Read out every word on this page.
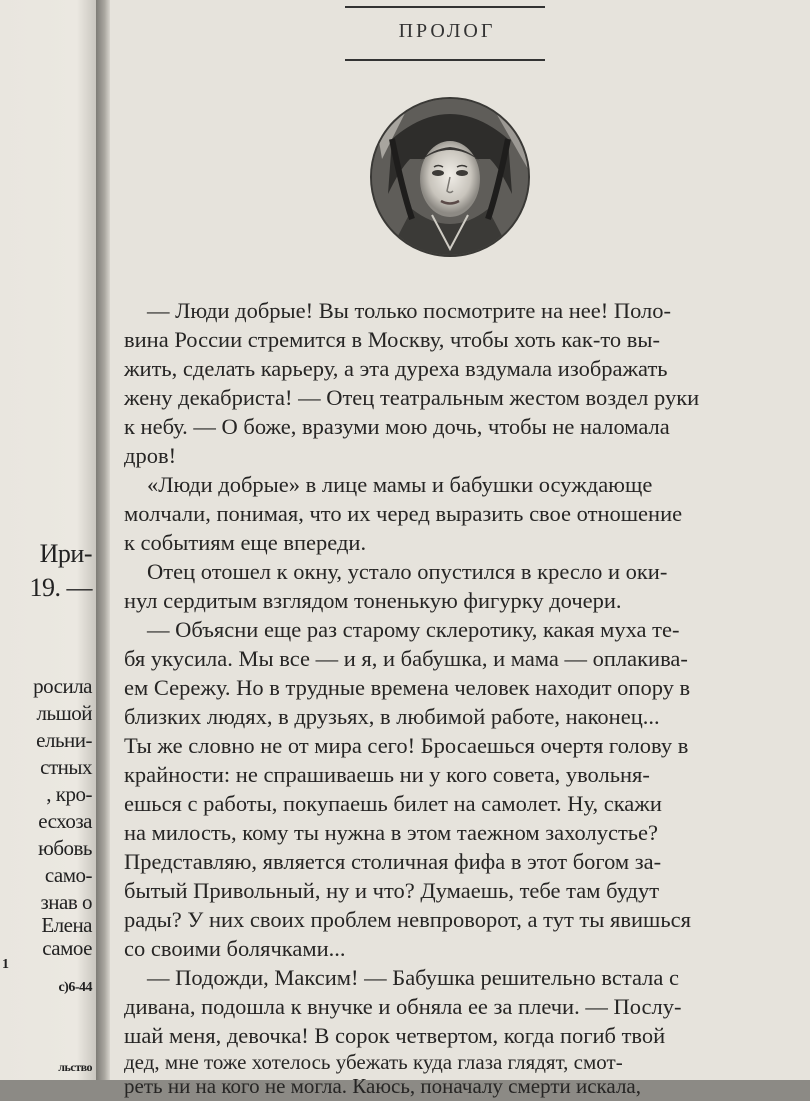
Ири-
19. —
росила
льшой
ельни-
стных
, кро-
есхоза
юбовь
само-
знав о
Елена
самое
1
с)6-44
льство
ПРОЛОГ
— Люди добрые! Вы только посмотрите на нее! Поло-
вина России стремится в Москву, чтобы хоть как-то вы-
жить, сделать карьеру, а эта дуреха вздумала изображать
жену декабриста! — Отец театральным жестом воздел руки
к небу. — О боже, вразуми мою дочь, чтобы не наломала
дров!
«Люди добрые» в лице мамы и бабушки осуждающе
молчали, понимая, что их черед выразить свое отношение
к событиям еще впереди.
Отец отошел к окну, устало опустился в кресло и оки-
нул сердитым взглядом тоненькую фигурку дочери.
— Объясни еще раз старому склеротику, какая муха те-
бя укусила. Мы все — и я, и бабушка, и мама — оплакива-
ем Сережу. Но в трудные времена человек находит опору в
близких людях, в друзьях, в любимой работе, наконец...
Ты же словно не от мира сего! Бросаешься очертя голову в
крайности: не спрашиваешь ни у кого совета, увольня-
ешься с работы, покупаешь билет на самолет. Ну, скажи
на милость, кому ты нужна в этом таежном захолустье?
Представляю, является столичная фифа в этот богом за-
бытый Привольный, ну и что? Думаешь, тебе там будут
рады? У них своих проблем невпроворот, а тут ты явишься
со своими болячками...
— Подожди, Максим! — Бабушка решительно встала с
дивана, подошла к внучке и обняла ее за плечи. — Послу-
шай меня, девочка! В сорок четвертом, когда погиб твой
дед, мне тоже хотелось убежать куда глаза глядят, смот-
реть ни на кого не могла. Каюсь, поначалу смерти искала,
